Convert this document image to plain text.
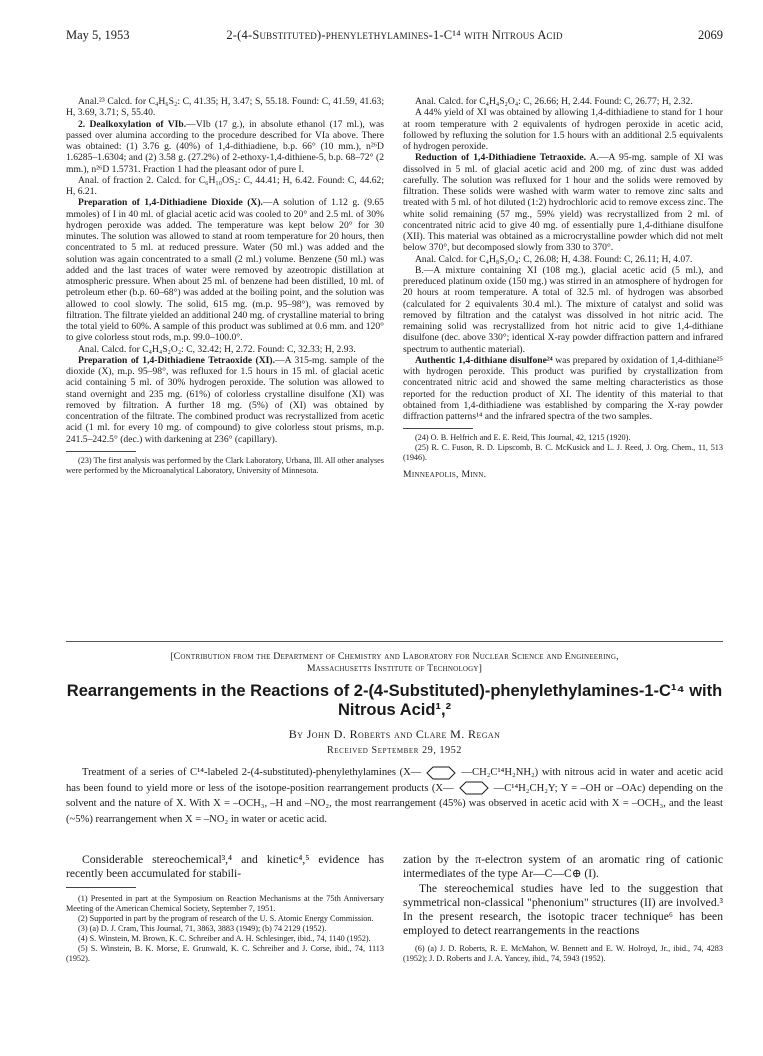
May 5, 1953	2-(4-Substituted)-phenylethylamines-1-C¹⁴ with Nitrous Acid	2069

Anal.²³ Calcd. for C₄H₆S₂: C, 41.35; H, 3.47; S, 55.18. Found: C, 41.59, 41.63; H, 3.69, 3.71; S, 55.40.

2. Dealkoxylation of VIb.—VIb (17 g.), in absolute ethanol (17 ml.), was passed over alumina according to the procedure described for VIa above. There was obtained: (1) 3.76 g. (40%) of 1,4-dithiadiene, b.p. 66° (10 mm.), n²⁶D 1.6285–1.6304; and (2) 3.58 g. (27.2%) of 2-ethoxy-1,4-dithiene-5, b.p. 68–72° (2 mm.), n²⁶D 1.5731. Fraction 1 had the pleasant odor of pure I.

Anal. of fraction 2. Calcd. for C₆H₁₀OS₂: C, 44.41; H, 6.42. Found: C, 44.62; H, 6.21.

Preparation of 1,4-Dithiadiene Dioxide (X).—A solution of 1.12 g. (9.65 mmoles) of I in 40 ml. of glacial acetic acid was cooled to 20° and 2.5 ml. of 30% hydrogen peroxide was added. The temperature was kept below 20° for 30 minutes. The solution was allowed to stand at room temperature for 20 hours, then concentrated to 5 ml. at reduced pressure. Water (50 ml.) was added and the solution was again concentrated to a small (2 ml.) volume. Benzene (50 ml.) was added and the last traces of water were removed by azeotropic distillation at atmospheric pressure. When about 25 ml. of benzene had been distilled, 10 ml. of petroleum ether (b.p. 60–68°) was added at the boiling point, and the solution was allowed to cool slowly. The solid, 615 mg. (m.p. 95–98°), was removed by filtration. The filtrate yielded an additional 240 mg. of crystalline material to bring the total yield to 60%. A sample of this product was sublimed at 0.6 mm. and 120° to give colorless stout rods, m.p. 99.0–100.0°.

Anal. Calcd. for C₄H₄S₂O₂: C, 32.42; H, 2.72. Found: C, 32.33; H, 2.93.

Preparation of 1,4-Dithiadiene Tetraoxide (XI).—A 315-mg. sample of the dioxide (X), m.p. 95–98°, was refluxed for 1.5 hours in 15 ml. of glacial acetic acid containing 5 ml. of 30% hydrogen peroxide. The solution was allowed to stand overnight and 235 mg. (61%) of colorless crystalline disulfone (XI) was removed by filtration. A further 18 mg. (5%) of (XI) was obtained by concentration of the filtrate. The combined product was recrystallized from acetic acid (1 ml. for every 10 mg. of compound) to give colorless stout prisms, m.p. 241.5–242.5° (dec.) with darkening at 236° (capillary).

(23) The first analysis was performed by the Clark Laboratory, Urbana, Ill. All other analyses were performed by the Microanalytical Laboratory, University of Minnesota.

Anal. Calcd. for C₄H₄S₂O₄: C, 26.66; H, 2.44. Found: C, 26.77; H, 2.32.

A 44% yield of XI was obtained by allowing 1,4-dithiadiene to stand for 1 hour at room temperature with 2 equivalents of hydrogen peroxide in acetic acid, followed by refluxing the solution for 1.5 hours with an additional 2.5 equivalents of hydrogen peroxide.

Reduction of 1,4-Dithiadiene Tetraoxide. A.—A 95-mg. sample of XI was dissolved in 5 ml. of glacial acetic acid and 200 mg. of zinc dust was added carefully. The solution was refluxed for 1 hour and the solids were removed by filtration. These solids were washed with warm water to remove zinc salts and treated with 5 ml. of hot diluted (1:2) hydrochloric acid to remove excess zinc. The white solid remaining (57 mg., 59% yield) was recrystallized from 2 ml. of concentrated nitric acid to give 40 mg. of essentially pure 1,4-dithiane disulfone (XII). This material was obtained as a microcrystalline powder which did not melt below 370°, but decomposed slowly from 330 to 370°.

Anal. Calcd. for C₄H₈S₂O₄: C, 26.08; H, 4.38. Found: C, 26.11; H, 4.07.

B.—A mixture containing XI (108 mg.), glacial acetic acid (5 ml.), and prereduced platinum oxide (150 mg.) was stirred in an atmosphere of hydrogen for 20 hours at room temperature. A total of 32.5 ml. of hydrogen was absorbed (calculated for 2 equivalents 30.4 ml.). The mixture of catalyst and solid was removed by filtration and the catalyst was dissolved in hot nitric acid. The remaining solid was recrystallized from hot nitric acid to give 1,4-dithiane disulfone (dec. above 330°; identical X-ray powder diffraction pattern and infrared spectrum to authentic material).

Authentic 1,4-dithiane disulfone²⁴ was prepared by oxidation of 1,4-dithiane²⁵ with hydrogen peroxide. This product was purified by crystallization from concentrated nitric acid and showed the same melting characteristics as those reported for the reduction product of XI. The identity of this material to that obtained from 1,4-dithiadiene was established by comparing the X-ray powder diffraction patterns¹⁴ and the infrared spectra of the two samples.

(24) O. B. Helfrich and E. E. Reid, This Journal, 42, 1215 (1920).

(25) R. C. Fuson, R. D. Lipscomb, B. C. McKusick and L. J. Reed, J. Org. Chem., 11, 513 (1946).

Minneapolis, Minn.
[Contribution from the Department of Chemistry and Laboratory for Nuclear Science and Engineering,
Massachusetts Institute of Technology]
Rearrangements in the Reactions of 2-(4-Substituted)-phenylethylamines-1-C¹⁴ with
Nitrous Acid¹,²
By John D. Roberts and Clare M. Regan
Received September 29, 1952

Treatment of a series of C¹⁴-labeled 2-(4-substituted)-phenylethylamines (X—	—CH₂C¹⁴H₂NH₂) with nitrous acid in water and acetic acid has been found to yield more or less of the isotope-position rearrangement products (X—	—C¹⁴H₂CH₂Y; Y = –OH or –OAc) depending on the solvent and the nature of X. With X = –OCH₃, –H and –NO₂, the most rearrangement (45%) was observed in acetic acid with X = –OCH₃, and the least (~5%) rearrangement when X = –NO₂ in water or acetic acid.

Considerable stereochemical³,⁴ and kinetic⁴,⁵ evidence has recently been accumulated for stabili-

(1) Presented in part at the Symposium on Reaction Mechanisms at the 75th Anniversary Meeting of the American Chemical Society, September 7, 1951.

(2) Supported in part by the program of research of the U. S. Atomic Energy Commission.

(3) (a) D. J. Cram, This Journal, 71, 3863, 3883 (1949); (b) 74 2129 (1952).

(4) S. Winstein, M. Brown, K. C. Schreiber and A. H. Schlesinger, ibid., 74, 1140 (1952).

(5) S. Winstein, B. K. Morse, E. Grunwald, K. C. Schreiber and J. Corse, ibid., 74, 1113 (1952).

zation by the π-electron system of an aromatic ring of cationic intermediates of the type Ar—C—C⊕ (I).

The stereochemical studies have led to the suggestion that symmetrical non-classical "phenonium" structures (II) are involved.³ In the present research, the isotopic tracer technique⁶ has been employed to detect rearrangements in the reactions

(6) (a) J. D. Roberts, R. E. McMahon, W. Bennett and E. W. Holroyd, Jr., ibid., 74, 4283 (1952); J. D. Roberts and J. A. Yancey, ibid., 74, 5943 (1952).
